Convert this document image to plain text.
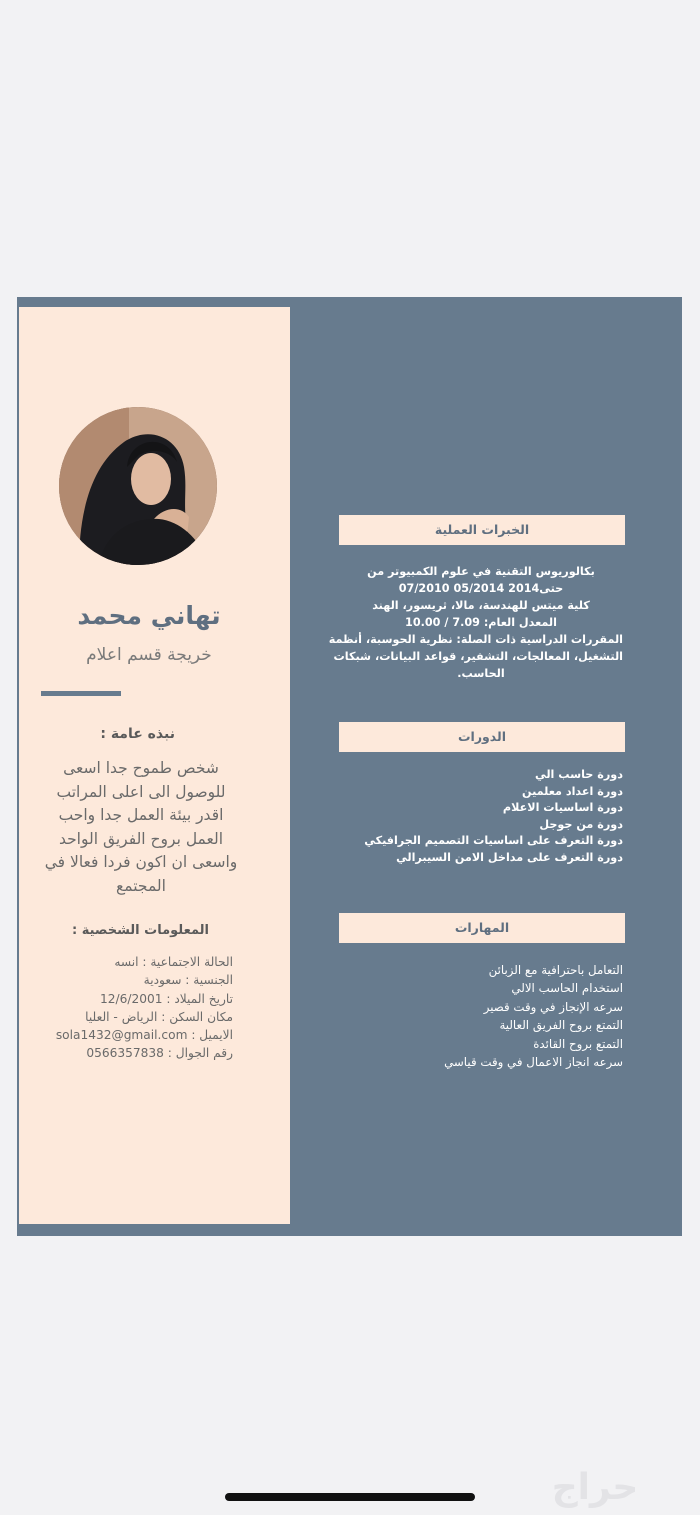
تهاني محمد
خريجة قسم اعلام
نبذه عامة :
شخص طموح جدا اسعى للوصول الى اعلى المراتب اقدر بيئة العمل جدا واحب العمل بروح الفريق الواحد واسعى ان اكون فردا فعالا في المجتمع
المعلومات الشخصية :
الحالة الاجتماعية : انسه
الجنسية : سعودية
تاريخ الميلاد : 12/6/2001
مكان السكن : الرياض - العليا
الايميل : sola1432@gmail.com
رقم الجوال : 0566357838
الخبرات العملية
بكالوريوس التقنية في علوم الكمبيوتر من
حتى2014 05/2014 07/2010
كلية ميتس للهندسة، مالا، ثريسور، الهند
المعدل العام: 7.09 / 10.00
المقررات الدراسية ذات الصلة: نظرية الحوسبة، أنظمة
التشغيل، المعالجات، التشفير، قواعد البيانات، شبكات
الحاسب.
الدورات
دورة حاسب الي
دورة اعداد معلمين
دورة اساسيات الاعلام
دورة من جوجل
دورة التعرف على اساسيات التصميم الجرافيكي
دورة التعرف على مداخل الامن السيبرالي
المهارات
التعامل باحترافية مع الزبائن
استخدام الحاسب الالي
سرعه الإنجاز في وقت قصير
التمتع بروح الفريق العالية
التمتع بروح القائدة
سرعه انجاز الاعمال في وقت قياسي
حراج
